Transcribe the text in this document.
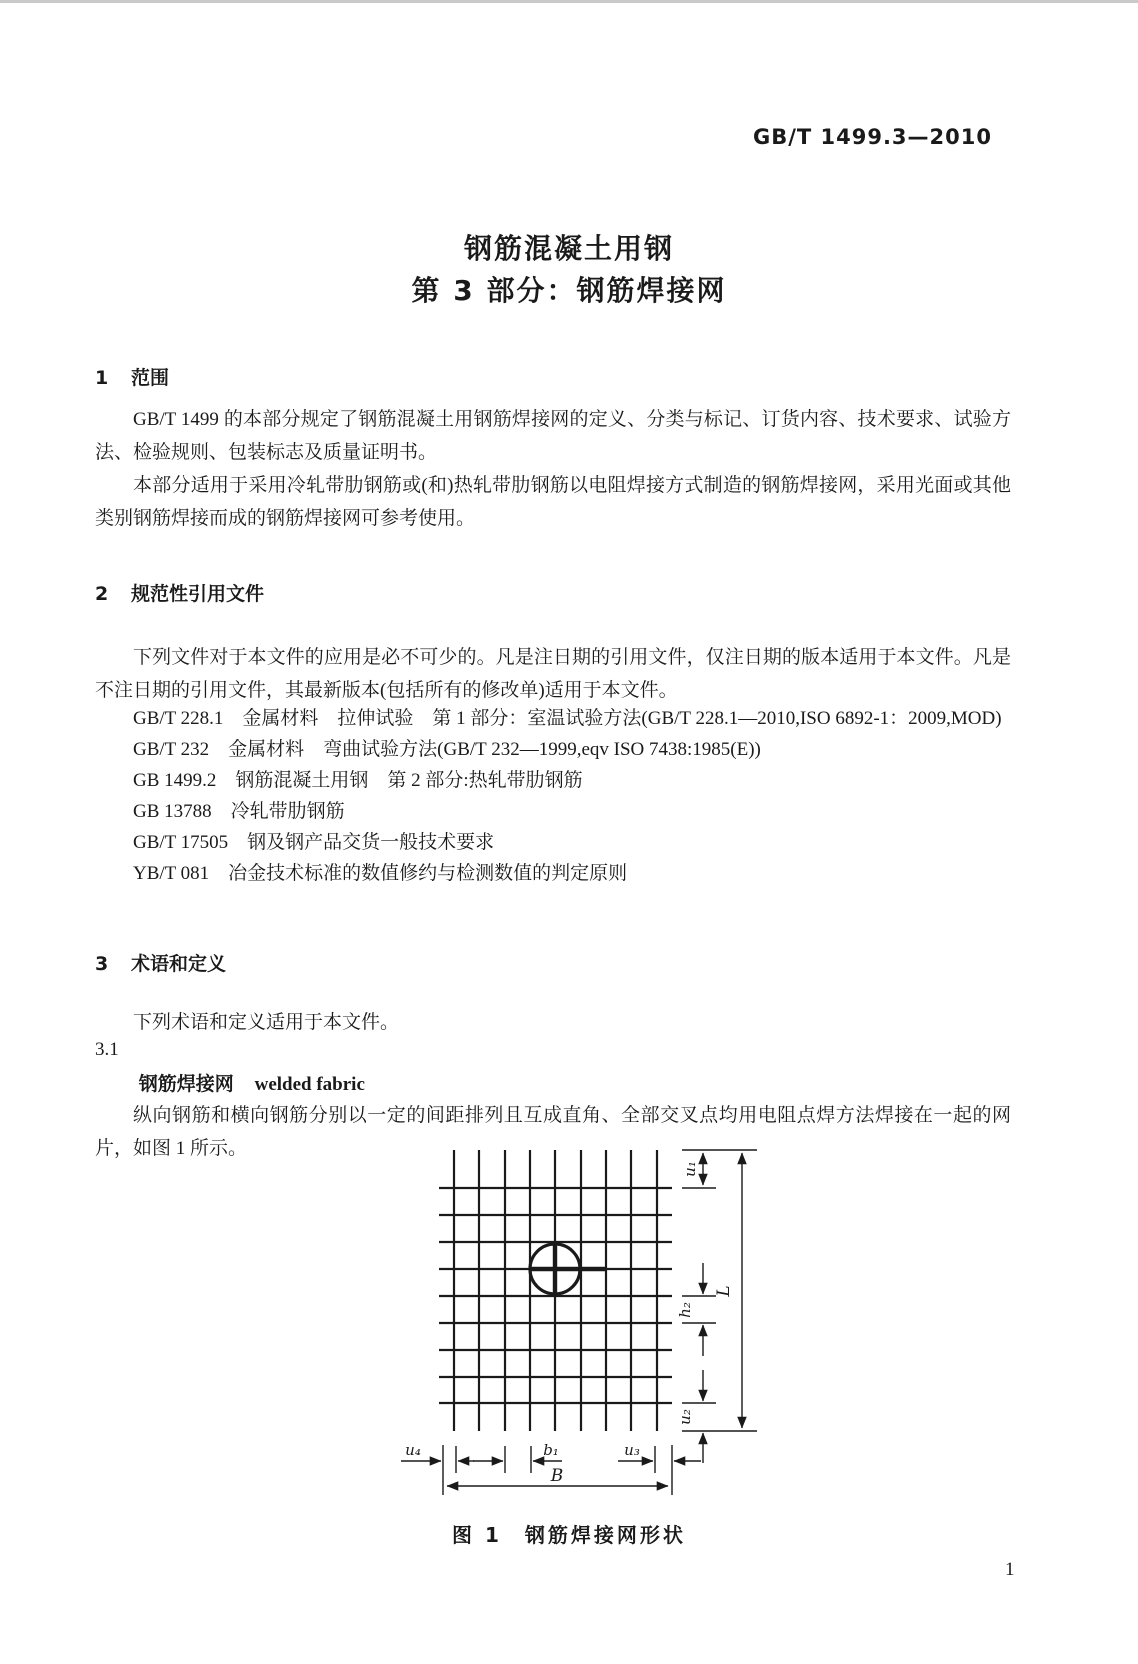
GB/T 1499.3—2010
钢筋混凝土用钢
第 3 部分：钢筋焊接网
1 范围
GB/T 1499 的本部分规定了钢筋混凝土用钢筋焊接网的定义、分类与标记、订货内容、技术要求、试验方法、检验规则、包装标志及质量证明书。
本部分适用于采用冷轧带肋钢筋或(和)热轧带肋钢筋以电阻焊接方式制造的钢筋焊接网，采用光面或其他类别钢筋焊接而成的钢筋焊接网可参考使用。
2 规范性引用文件
下列文件对于本文件的应用是必不可少的。凡是注日期的引用文件，仅注日期的版本适用于本文件。凡是不注日期的引用文件，其最新版本(包括所有的修改单)适用于本文件。

GB/T 228.1　金属材料　拉伸试验　第 1 部分：室温试验方法(GB/T 228.1—2010,ISO 6892-1：2009,MOD)

GB/T 232　金属材料　弯曲试验方法(GB/T 232—1999,eqv ISO 7438:1985(E))

GB 1499.2　钢筋混凝土用钢　第 2 部分:热轧带肋钢筋

GB 13788　冷轧带肋钢筋

GB/T 17505　钢及钢产品交货一般技术要求

YB/T 081　冶金技术标准的数值修约与检测数值的判定原则

3 术语和定义
下列术语和定义适用于本文件。
3.1
钢筋焊接网 welded fabric
纵向钢筋和横向钢筋分别以一定的间距排列且互成直角、全部交叉点均用电阻点焊方法焊接在一起的网片，如图 1 所示。
u₁
h₂
u₂
L
u₄	b₁	u₃
B
图 1　钢筋焊接网形状
1
